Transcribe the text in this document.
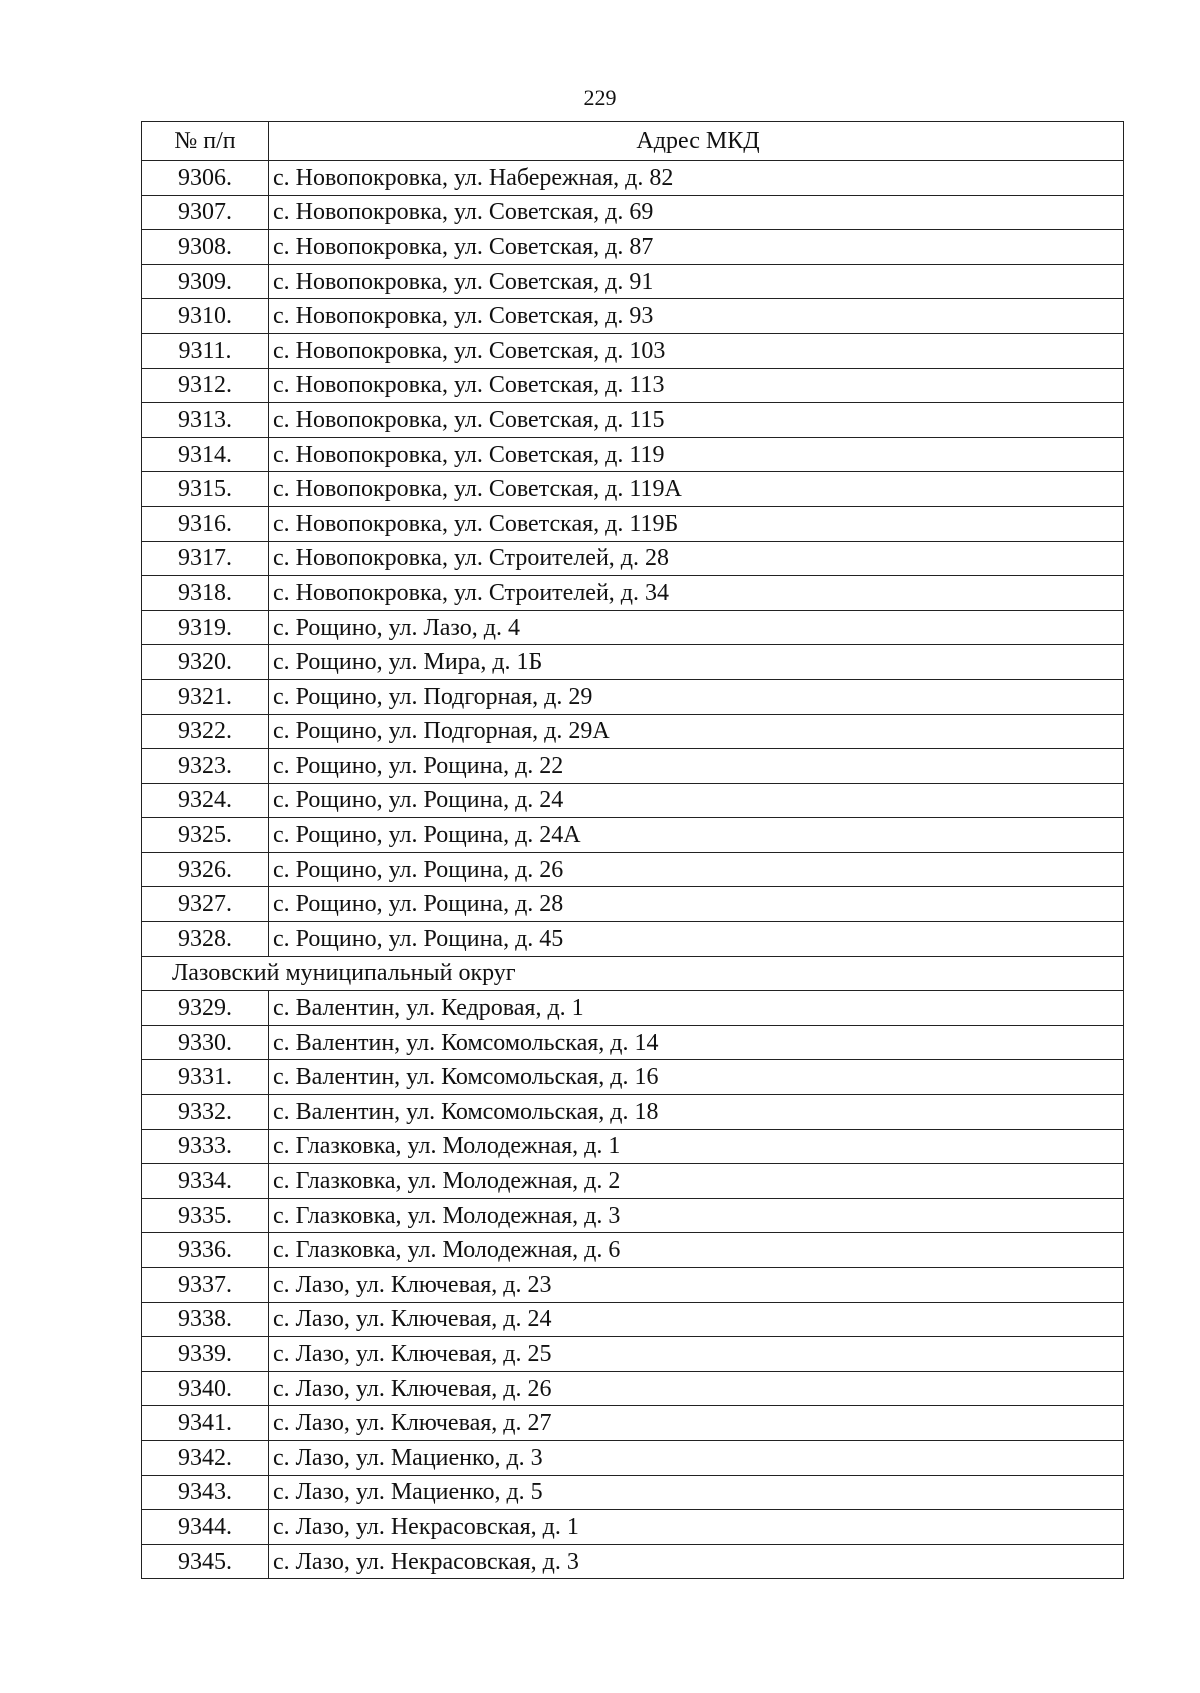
229
№ п/п	Адрес МКД
9306.	с. Новопокровка, ул. Набережная, д. 82
9307.	с. Новопокровка, ул. Советская, д. 69
9308.	с. Новопокровка, ул. Советская, д. 87
9309.	с. Новопокровка, ул. Советская, д. 91
9310.	с. Новопокровка, ул. Советская, д. 93
9311.	с. Новопокровка, ул. Советская, д. 103
9312.	с. Новопокровка, ул. Советская, д. 113
9313.	с. Новопокровка, ул. Советская, д. 115
9314.	с. Новопокровка, ул. Советская, д. 119
9315.	с. Новопокровка, ул. Советская, д. 119А
9316.	с. Новопокровка, ул. Советская, д. 119Б
9317.	с. Новопокровка, ул. Строителей, д. 28
9318.	с. Новопокровка, ул. Строителей, д. 34
9319.	с. Рощино, ул. Лазо, д. 4
9320.	с. Рощино, ул. Мира, д. 1Б
9321.	с. Рощино, ул. Подгорная, д. 29
9322.	с. Рощино, ул. Подгорная, д. 29А
9323.	с. Рощино, ул. Рощина, д. 22
9324.	с. Рощино, ул. Рощина, д. 24
9325.	с. Рощино, ул. Рощина, д. 24А
9326.	с. Рощино, ул. Рощина, д. 26
9327.	с. Рощино, ул. Рощина, д. 28
9328.	с. Рощино, ул. Рощина, д. 45
Лазовский муниципальный округ	
9329.	с. Валентин, ул. Кедровая, д. 1
9330.	с. Валентин, ул. Комсомольская, д. 14
9331.	с. Валентин, ул. Комсомольская, д. 16
9332.	с. Валентин, ул. Комсомольская, д. 18
9333.	с. Глазковка, ул. Молодежная, д. 1
9334.	с. Глазковка, ул. Молодежная, д. 2
9335.	с. Глазковка, ул. Молодежная, д. 3
9336.	с. Глазковка, ул. Молодежная, д. 6
9337.	с. Лазо, ул. Ключевая, д. 23
9338.	с. Лазо, ул. Ключевая, д. 24
9339.	с. Лазо, ул. Ключевая, д. 25
9340.	с. Лазо, ул. Ключевая, д. 26
9341.	с. Лазо, ул. Ключевая, д. 27
9342.	с. Лазо, ул. Мациенко, д. 3
9343.	с. Лазо, ул. Мациенко, д. 5
9344.	с. Лазо, ул. Некрасовская, д. 1
9345.	с. Лазо, ул. Некрасовская, д. 3
